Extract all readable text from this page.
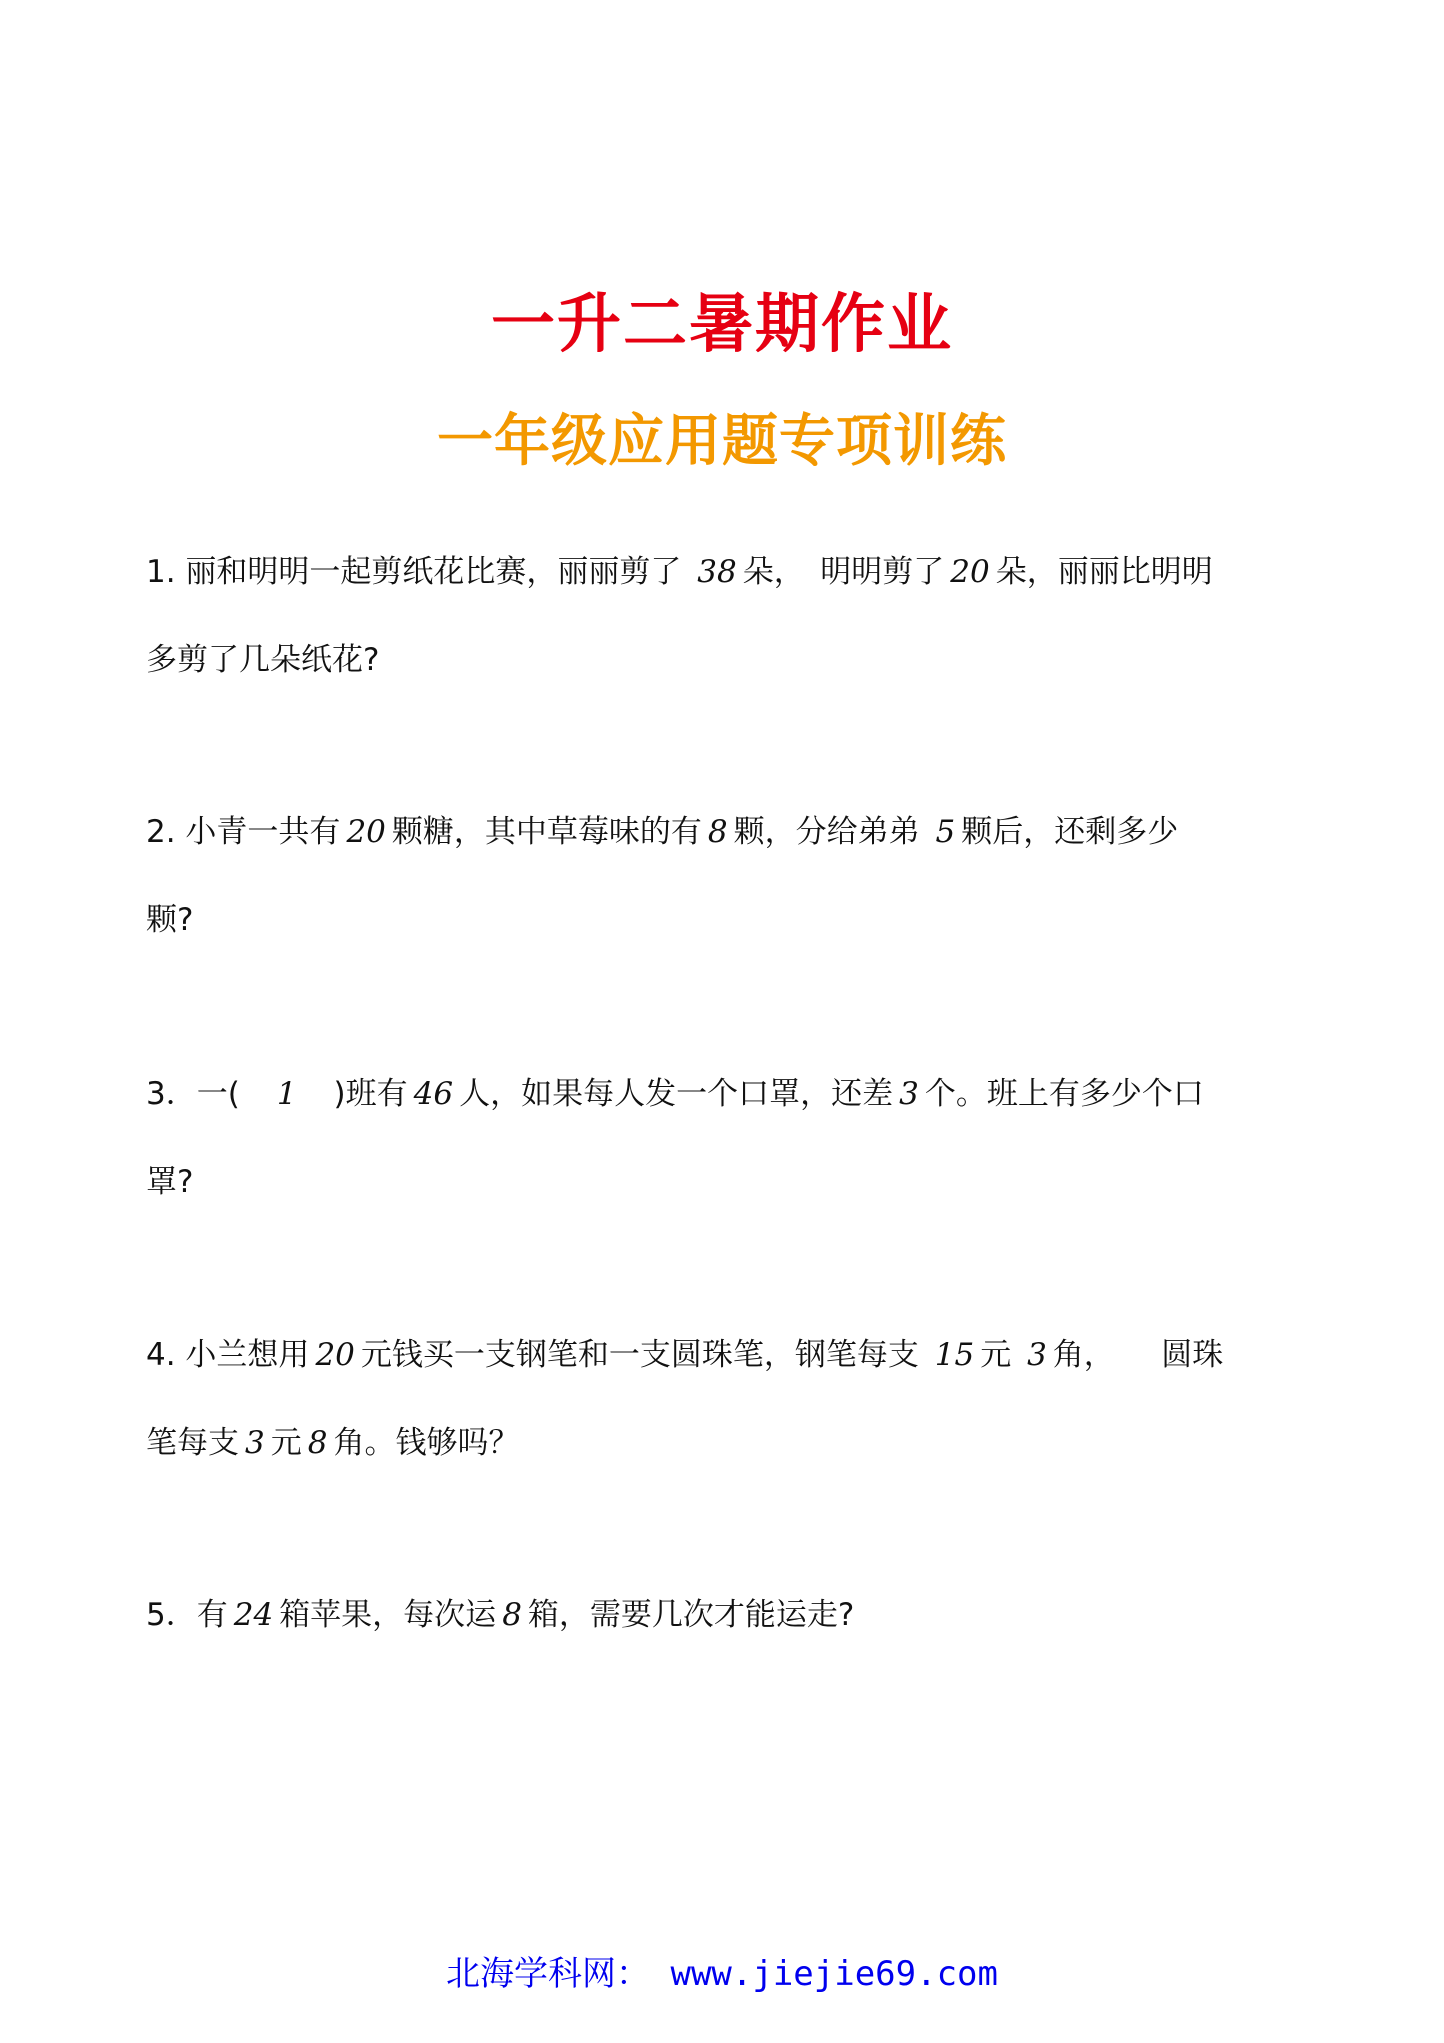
一升二暑期作业
一年级应用题专项训练
1. 丽和明明一起剪纸花比赛，丽丽剪了 38 朵，　明明剪了 20 朵，丽丽比明明
多剪了几朵纸花?
2. 小青一共有 20 颗糖，其中草莓味的有 8 颗，分给弟弟 5 颗后，还剩多少
颗?
3．一(　1　)班有 46 人，如果每人发一个口罩，还差 3 个。班上有多少个口
罩?
4. 小兰想用 20 元钱买一支钢笔和一支圆珠笔，钢笔每支 15 元 3 角，　　圆珠
笔每支 3 元 8 角。钱够吗？
5．有 24 箱苹果，每次运 8 箱，需要几次才能运走?
北海学科网： www.jiejie69.com
